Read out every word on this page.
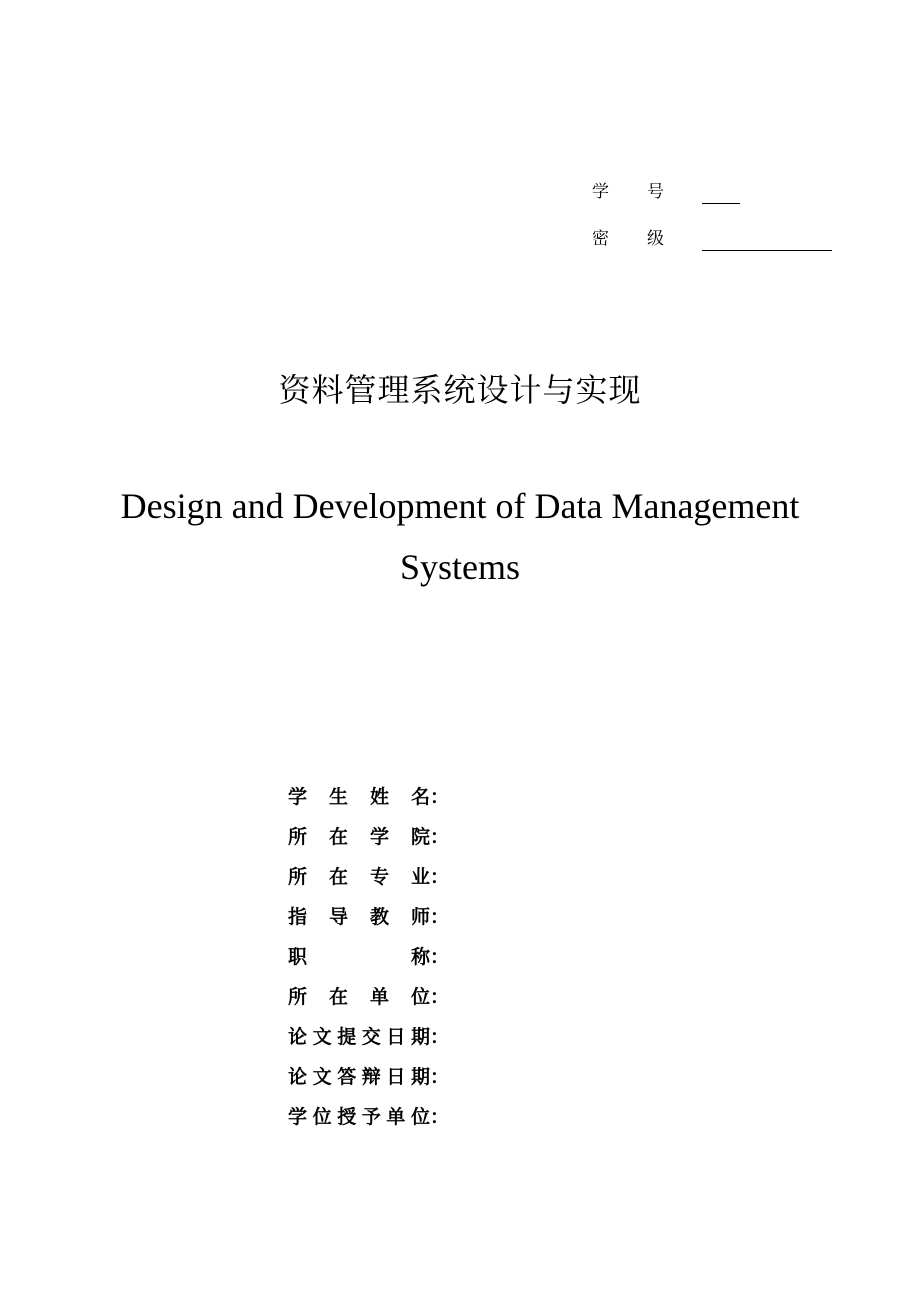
学号
密级
资料管理系统设计与实现
Design and Development of Data Management Systems
学生姓名：
所在学院：
所在专业：
指导教师：
职称：
所在单位：
论文提交日期：
论文答辩日期：
学位授予单位：
